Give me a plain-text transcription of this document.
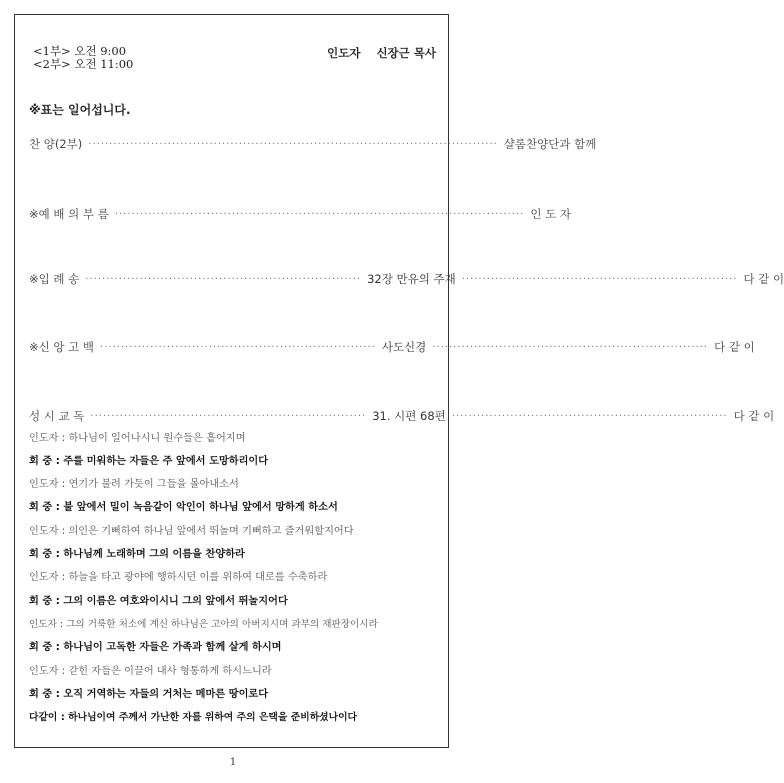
<1부> 오전 9:00
<2부> 오전 11:00
인도자 신장근 목사
※표는 일어섭니다.
찬 양(2부) ·································································································· 샬롬찬양단과 함께
※예 배 의 부 름 ·································································································· 인 도 자
※입 례 송 ·································································· 32장 만유의 주재 ·································································· 다 같 이
※신 앙 고 백 ·································································· 사도신경 ·································································· 다 같 이
성 시 교 독 ·································································· 31. 시편 68편 ·································································· 다 같 이
인도자 : 하나님이 일어나시니 원수들은 흩어지며
회 중 : 주를 미워하는 자들은 주 앞에서 도망하리이다
인도자 : 연기가 불려 가듯이 그들을 몰아내소서
회 중 : 불 앞에서 밀이 녹음같이 악인이 하나님 앞에서 망하게 하소서
인도자 : 의인은 기뻐하여 하나님 앞에서 뛰놀며 기뻐하고 즐거워할지어다
회 중 : 하나님께 노래하며 그의 이름을 찬양하라
인도자 : 하늘을 타고 광야에 행하시던 이를 위하여 대로를 수축하라
회 중 : 그의 이름은 여호와이시니 그의 앞에서 뛰놀지어다
인도자 : 그의 거룩한 처소에 계신 하나님은 고아의 아버지시며 과부의 재판장이시라
회 중 : 하나님이 고독한 자들은 가족과 함께 살게 하시며
인도자 : 갇힌 자들은 이끌어 내사 형통하게 하시느니라
회 중 : 오직 거역하는 자들의 거처는 메마른 땅이로다
다같이 : 하나님이여 주께서 가난한 자를 위하여 주의 은택을 준비하셨나이다
1
